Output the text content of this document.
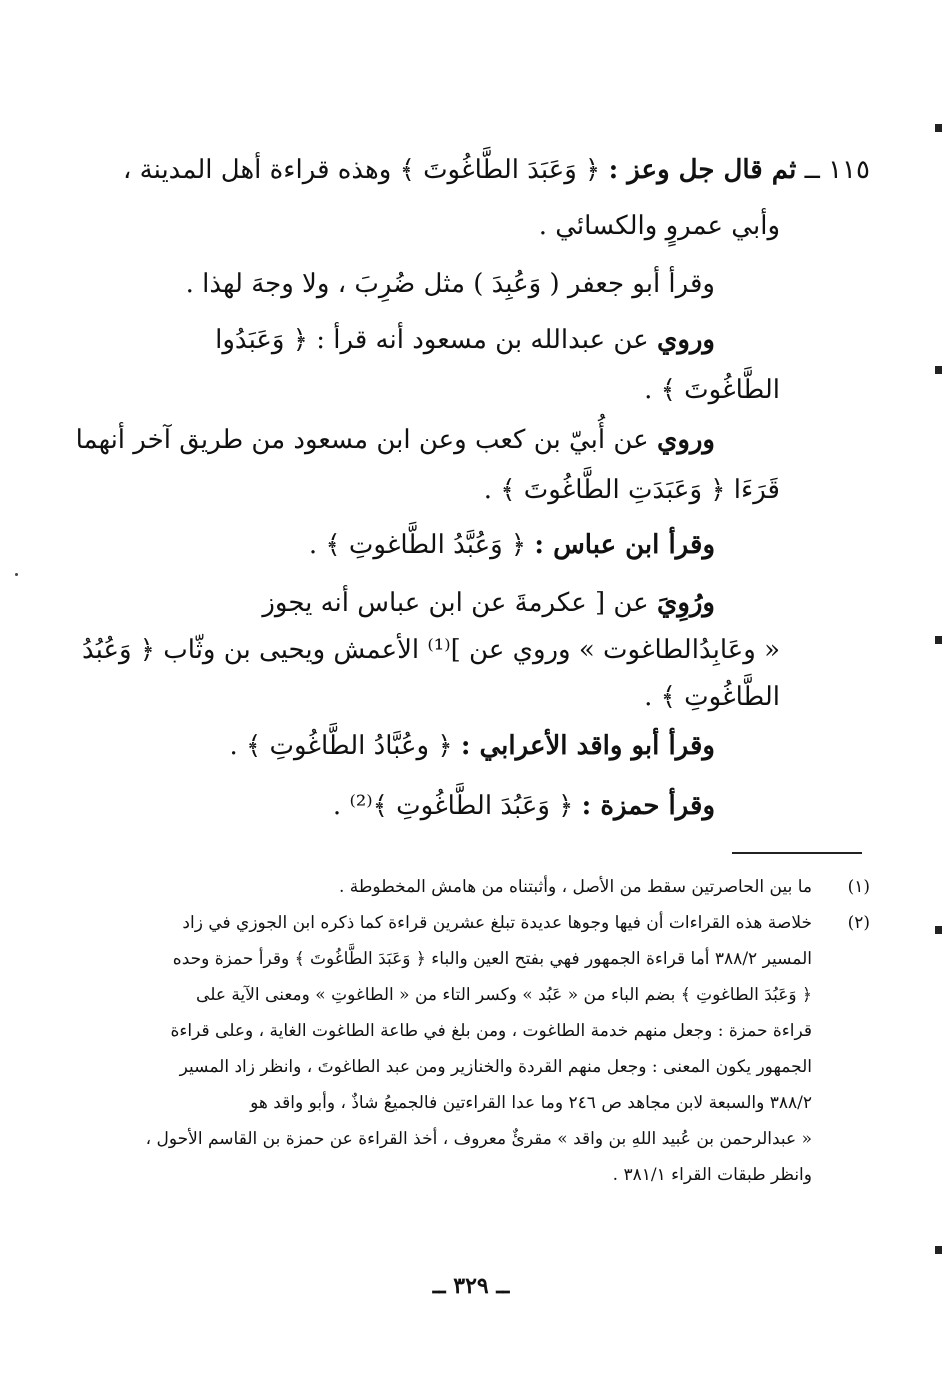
١١٥ ــ ثم قال جل وعز : ﴿ وَعَبَدَ الطَّاغُوتَ ﴾ وهذه قراءة أهل المدينة ،
وأبي عمروٍ والكسائي .
وقرأ أبو جعفر ( وَعُبِدَ ) مثل ضُرِبَ ، ولا وجهَ لهذا .
وروي عن عبدالله بن مسعود أنه قرأ : ﴿ وَعَبَدُوا
الطَّاغُوتَ ﴾ .
وروي عن أُبيّ بن كعب وعن ابن مسعود من طريق آخر أنهما
قَرَءَا ﴿ وَعَبَدَتِ الطَّاغُوتَ ﴾ .
وقرأ ابن عباس : ﴿ وَعُبَّدُ الطَّاغوتِ ﴾ .
ورُوِيَ عن [ عكرمةَ عن ابن عباس أنه يجوز
« وعَابِدُالطاغوت » وروي عن ]⁽¹⁾ الأعمش ويحيى بن وثّاب ﴿ وَعُبُدُ
الطَّاغُوتِ ﴾ .
وقرأ أبو واقد الأعرابي : ﴿ وعُبَّادُ الطَّاغُوتِ ﴾ .
وقرأ حمزة : ﴿ وَعَبُدَ الطَّاغُوتِ ﴾⁽²⁾ .
(١)
ما بين الحاصرتين سقط من الأصل ، وأثبتناه من هامش المخطوطة .
(٢)
خلاصة هذه القراءات أن فيها وجوها عديدة تبلغ عشرين قراءة كما ذكره ابن الجوزي في زاد
المسير ٣٨٨/٢ أما قراءة الجمهور فهي بفتح العين والباء ﴿ وَعَبَدَ الطَّاغُوتَ ﴾ وقرأ حمزة وحده
﴿ وَعَبُدَ الطاغوتِ ﴾ بضم الباء من « عَبُد » وكسر التاء من « الطاغوتِ » ومعنى الآية على
قراءة حمزة : وجعل منهم خدمة الطاغوت ، ومن بلغ في طاعة الطاغوت الغاية ، وعلى قراءة
الجمهور يكون المعنى : وجعل منهم القردة والخنازير ومن عبد الطاغوتَ ، وانظر زاد المسير
٣٨٨/٢ والسبعة لابن مجاهد ص ٢٤٦ وما عدا القراءتين فالجميعُ شاذٌ ، وأبو واقد هو
« عبدالرحمن بن عُبيد اللهِ بن واقد » مقرئٌ معروف ، أخذ القراءة عن حمزة بن القاسم الأحول ،
وانظر طبقات القراء ٣٨١/١ .
ــ ٣٢٩ ــ
